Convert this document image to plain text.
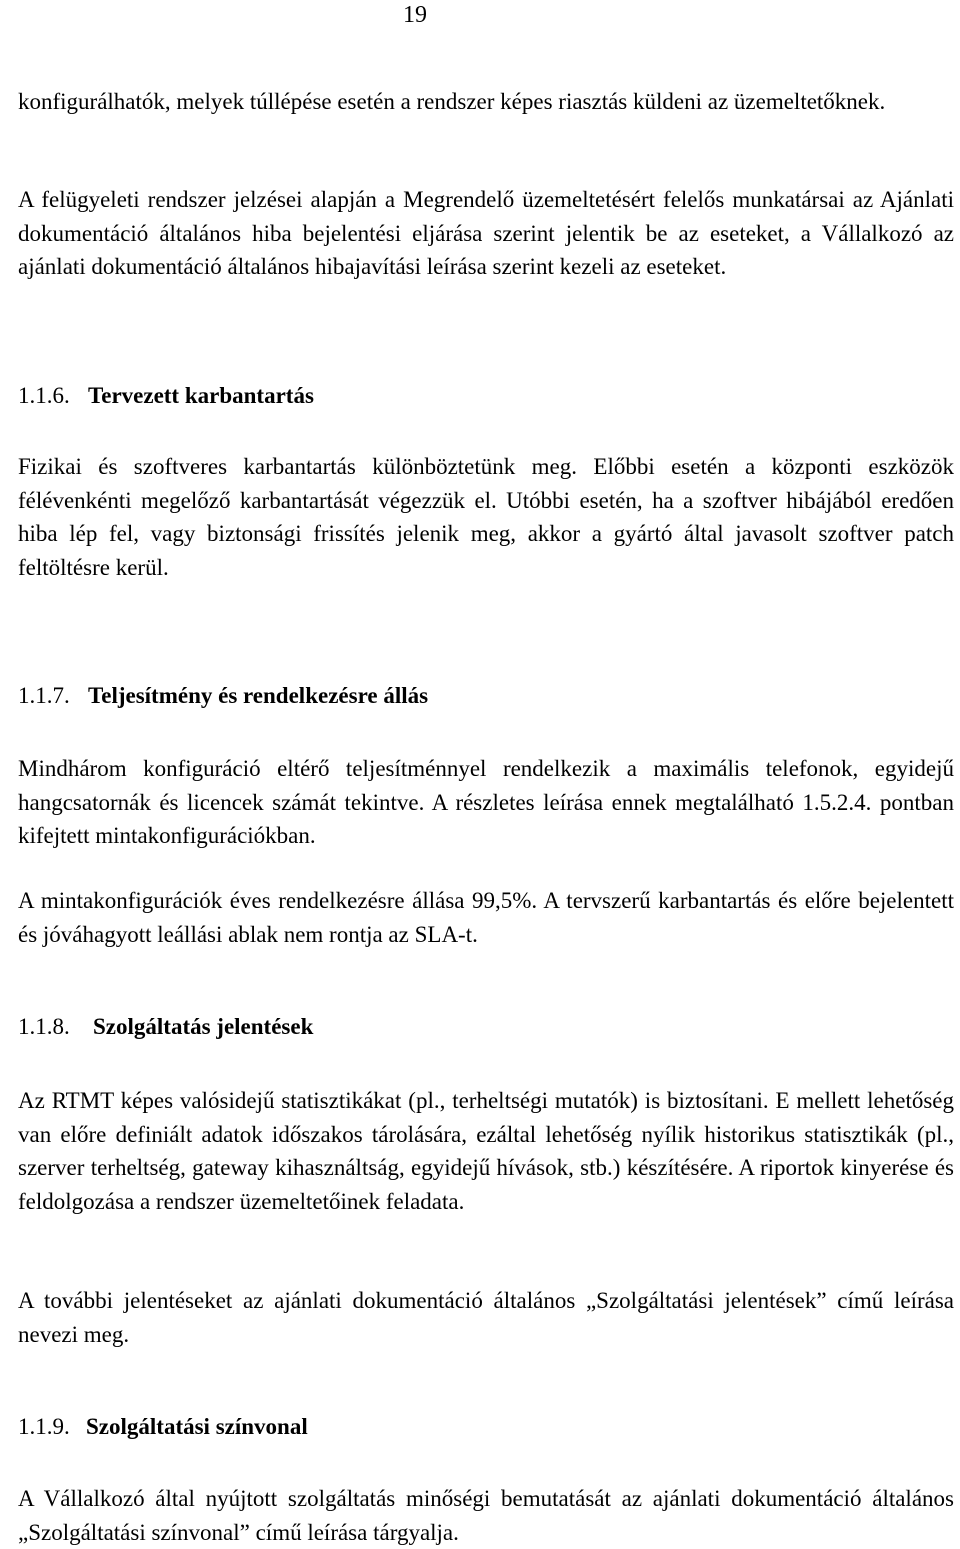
19

konfigurálhatók, melyek túllépése esetén a rendszer képes riasztás küldeni az üzemeltetőknek.

A felügyeleti rendszer jelzései alapján a Megrendelő üzemeltetésért felelős munkatársai az Ajánlati dokumentáció általános hiba bejelentési eljárása szerint jelentik be az eseteket, a Vállalkozó az ajánlati dokumentáció általános hibajavítási leírása szerint kezeli az eseteket.

1.1.6. Tervezett karbantartás

Fizikai és szoftveres karbantartás különböztetünk meg. Előbbi esetén a központi eszközök félévenkénti megelőző karbantartását végezzük el. Utóbbi esetén, ha a szoftver hibájából eredően hiba lép fel, vagy biztonsági frissítés jelenik meg, akkor a gyártó által javasolt szoftver patch feltöltésre kerül.

1.1.7. Teljesítmény és rendelkezésre állás

Mindhárom konfiguráció eltérő teljesítménnyel rendelkezik a maximális telefonok, egyidejű hangcsatornák és licencek számát tekintve. A részletes leírása ennek megtalálható 1.5.2.4. pontban kifejtett mintakonfigurációkban.

A mintakonfigurációk éves rendelkezésre állása 99,5%. A tervszerű karbantartás és előre bejelentett és jóváhagyott leállási ablak nem rontja az SLA-t.

1.1.8. Szolgáltatás jelentések

Az RTMT képes valósidejű statisztikákat (pl., terheltségi mutatók) is biztosítani. E mellett lehetőség van előre definiált adatok időszakos tárolására, ezáltal lehetőség nyílik historikus statisztikák (pl., szerver terheltség, gateway kihasználtság, egyidejű hívások, stb.) készítésére. A riportok kinyerése és feldolgozása a rendszer üzemeltetőinek feladata.

A további jelentéseket az ajánlati dokumentáció általános „Szolgáltatási jelentések” című leírása nevezi meg.

1.1.9. Szolgáltatási színvonal

A Vállalkozó által nyújtott szolgáltatás minőségi bemutatását az ajánlati dokumentáció általános „Szolgáltatási színvonal” című leírása tárgyalja.
